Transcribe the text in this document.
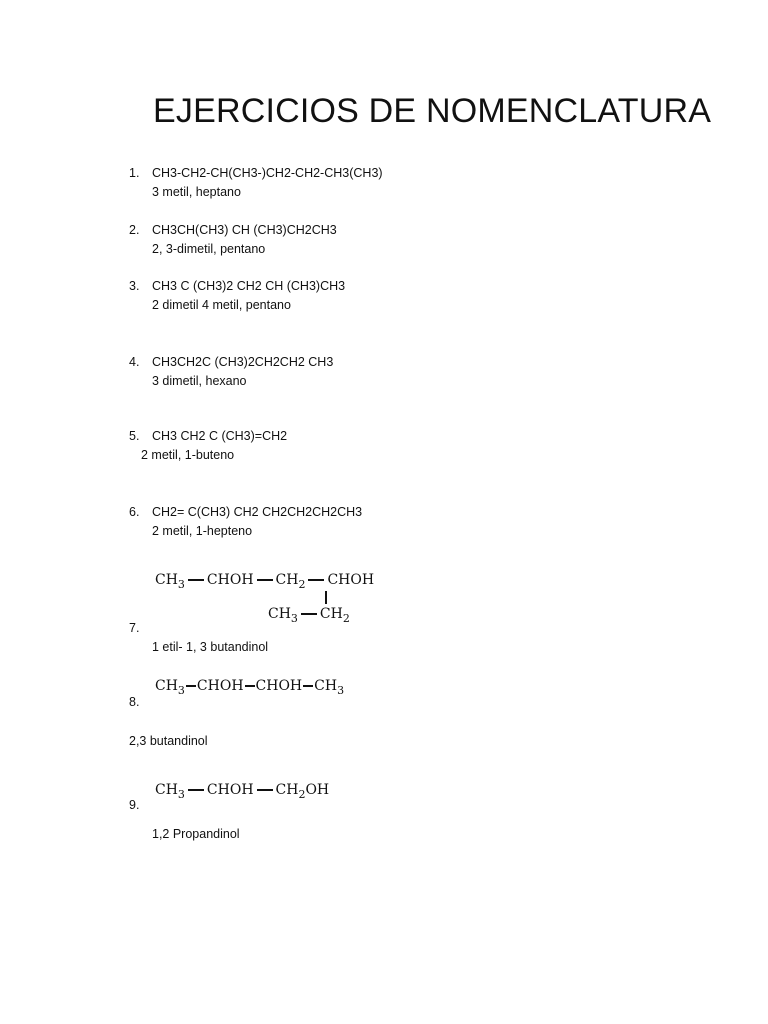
EJERCICIOS DE NOMENCLATURA
1. CH3-CH2-CH(CH3-)CH2-CH2-CH3(CH3)
3 metil, heptano
2. CH3CH(CH3) CH (CH3)CH2CH3
2, 3-dimetil, pentano
3. CH3 C (CH3)2 CH2 CH (CH3)CH3
2 dimetil 4 metil, pentano
4. CH3CH2C (CH3)2CH2CH2 CH3
3 dimetil, hexano
5. CH3 CH2 C (CH3)=CH2
2 metil, 1-buteno
6. CH2= C(CH3) CH2 CH2CH2CH2CH3
2 metil, 1-hepteno
$CH_3$ CHOH $CH_2$ CHOH
$CH_3$ $CH_2$
7.
1 etil- 1, 3 butandinol
$CH_3$ CHOH CHOH $CH_3$
8.
2,3 butandinol
$CH_3$ CHOH $CH_2OH$
9.
1,2 Propandinol
